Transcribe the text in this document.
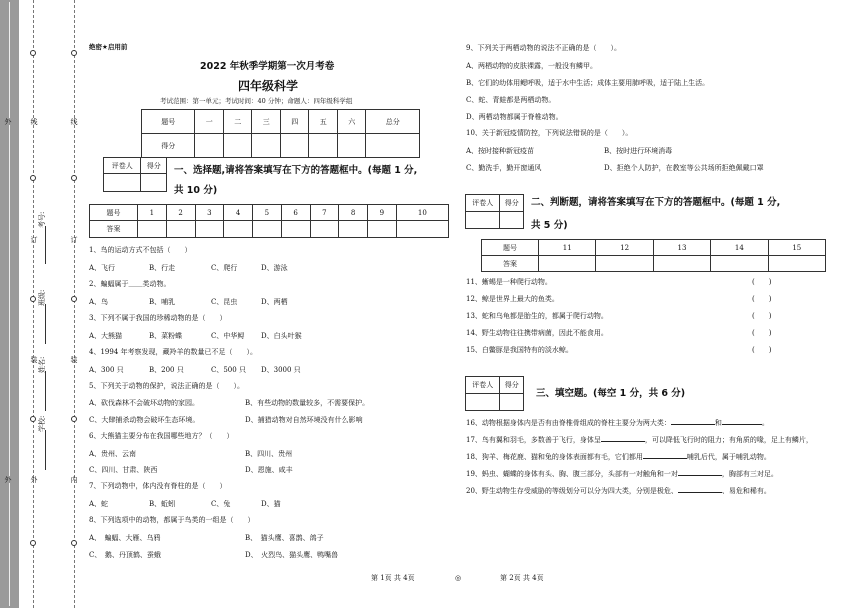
外
外
线
订
装
外
线
订
装
内
考号:
班级:
姓名:
学校:
绝密★启用前
2022 年秋季学期第一次月考卷
四年级科学
考试范围：第一单元；考试时间：40 分钟；命题人：四年级科学组
题号	一	二	三	四	五	六	总分
得分							
评卷人	得分
	一、选择题,请将答案填写在下方的答题框中。(每题 1 分,
共 10 分)
题号	1	2	3	4	5	6	7	8	9	10
答案										
1、鸟的运动方式不包括（　　）
A、飞行	B、行走	C、爬行	D、游泳
2、蝙蝠属于＿＿类动物。
A、鸟	B、哺乳	C、昆虫	D、两栖
3、下列不属于我国的珍稀动物的是（　　）
A、大熊猫	B、菜粉蝶	C、中华鲟 D、白头叶猴
4、1994 年考察发现，藏羚羊的数量已不足（　　）。
A、300 只	B、200 只	C、500 只 D、3000 只
5、下列关于动物的保护，说法正确的是（　　）。
A、砍伐森林不会破坏动物的家园。	B、有些动物的数量较多，不需要保护。
C、大肆捕杀动物会破坏生态环境。	D、捕猎动物对自然环境没有什么影响
6、大熊猫主要分布在我国哪些地方？（　　）
A、贵州、云南	B、四川、贵州
C、四川、甘肃、陕西	D、恩施、咸丰
7、下列动物中，体内没有脊柱的是（　　）
A、蛇	B、蚯蚓	C、兔	D、猫
8、下列选项中的动物，都属于鸟类的一组是（　　）
A、　蝙蝠、大雁、乌鸦	B、　猫头鹰、喜鹊、鸽子
C、　鹅、丹顶鹤、蚕蛾	D、　火烈鸟、猫头鹰、鸭嘴兽
9、下列关于两栖动物的说法不正确的是（　　）。
A、两栖动物的皮肤裸露，一般没有鳞甲。
B、它们的幼体用鳃呼吸，适于水中生活；成体主要用肺呼吸，适于陆上生活。
C、蛇、青蛙都是两栖动物。
D、两栖动物都属于脊椎动物。
10、关于新冠疫情防控，下列说法错误的是（　　）。
A、按时接种新冠疫苗	B、按时进行环境消毒
C、勤洗手，勤开窗通风	D、拒绝个人防护，在教室等公共场所拒绝佩戴口罩
评卷人	得分
	二、判断题，请将答案填写在下方的答题框中。(每题 1 分,
共 5 分)
题号	11	12	13	14	15
答案					
11、蜥蜴是一种爬行动物。	(　　)
12、鲸是世界上最大的鱼类。	(　　)
13、蛇和乌龟都是胎生的，都属于爬行动物。	(　　)
14、野生动物往往携带病菌，因此不能食用。	(　　)
15、白鳖豚是我国特有的淡水鲸。	(　　)
评卷人	得分

三、填空题。(每空 1 分，共 6 分)
16、动物根据身体内是否有由脊椎骨组成的脊柱主要分为两大类：	和	。
17、鸟有翼和羽毛，多数善于飞行，身体呈	，可以降低飞行时的阻力；有角质的喙，足上有鳞片，
18、狗羊、梅花鹿、猫和兔的身体表面都有毛，它们都用	哺乳后代，属于哺乳动物。
19、蚂虫、蝴蝶的身体有头、胸、腹三部分，头部有一对触角和一对	，胸部有三对足。
20、野生动物生存受威胁的等级划分可以分为四大类，分别是极危、	、易危和稀有。
第 1页 共 4页	◎	第 2页 共 4页
